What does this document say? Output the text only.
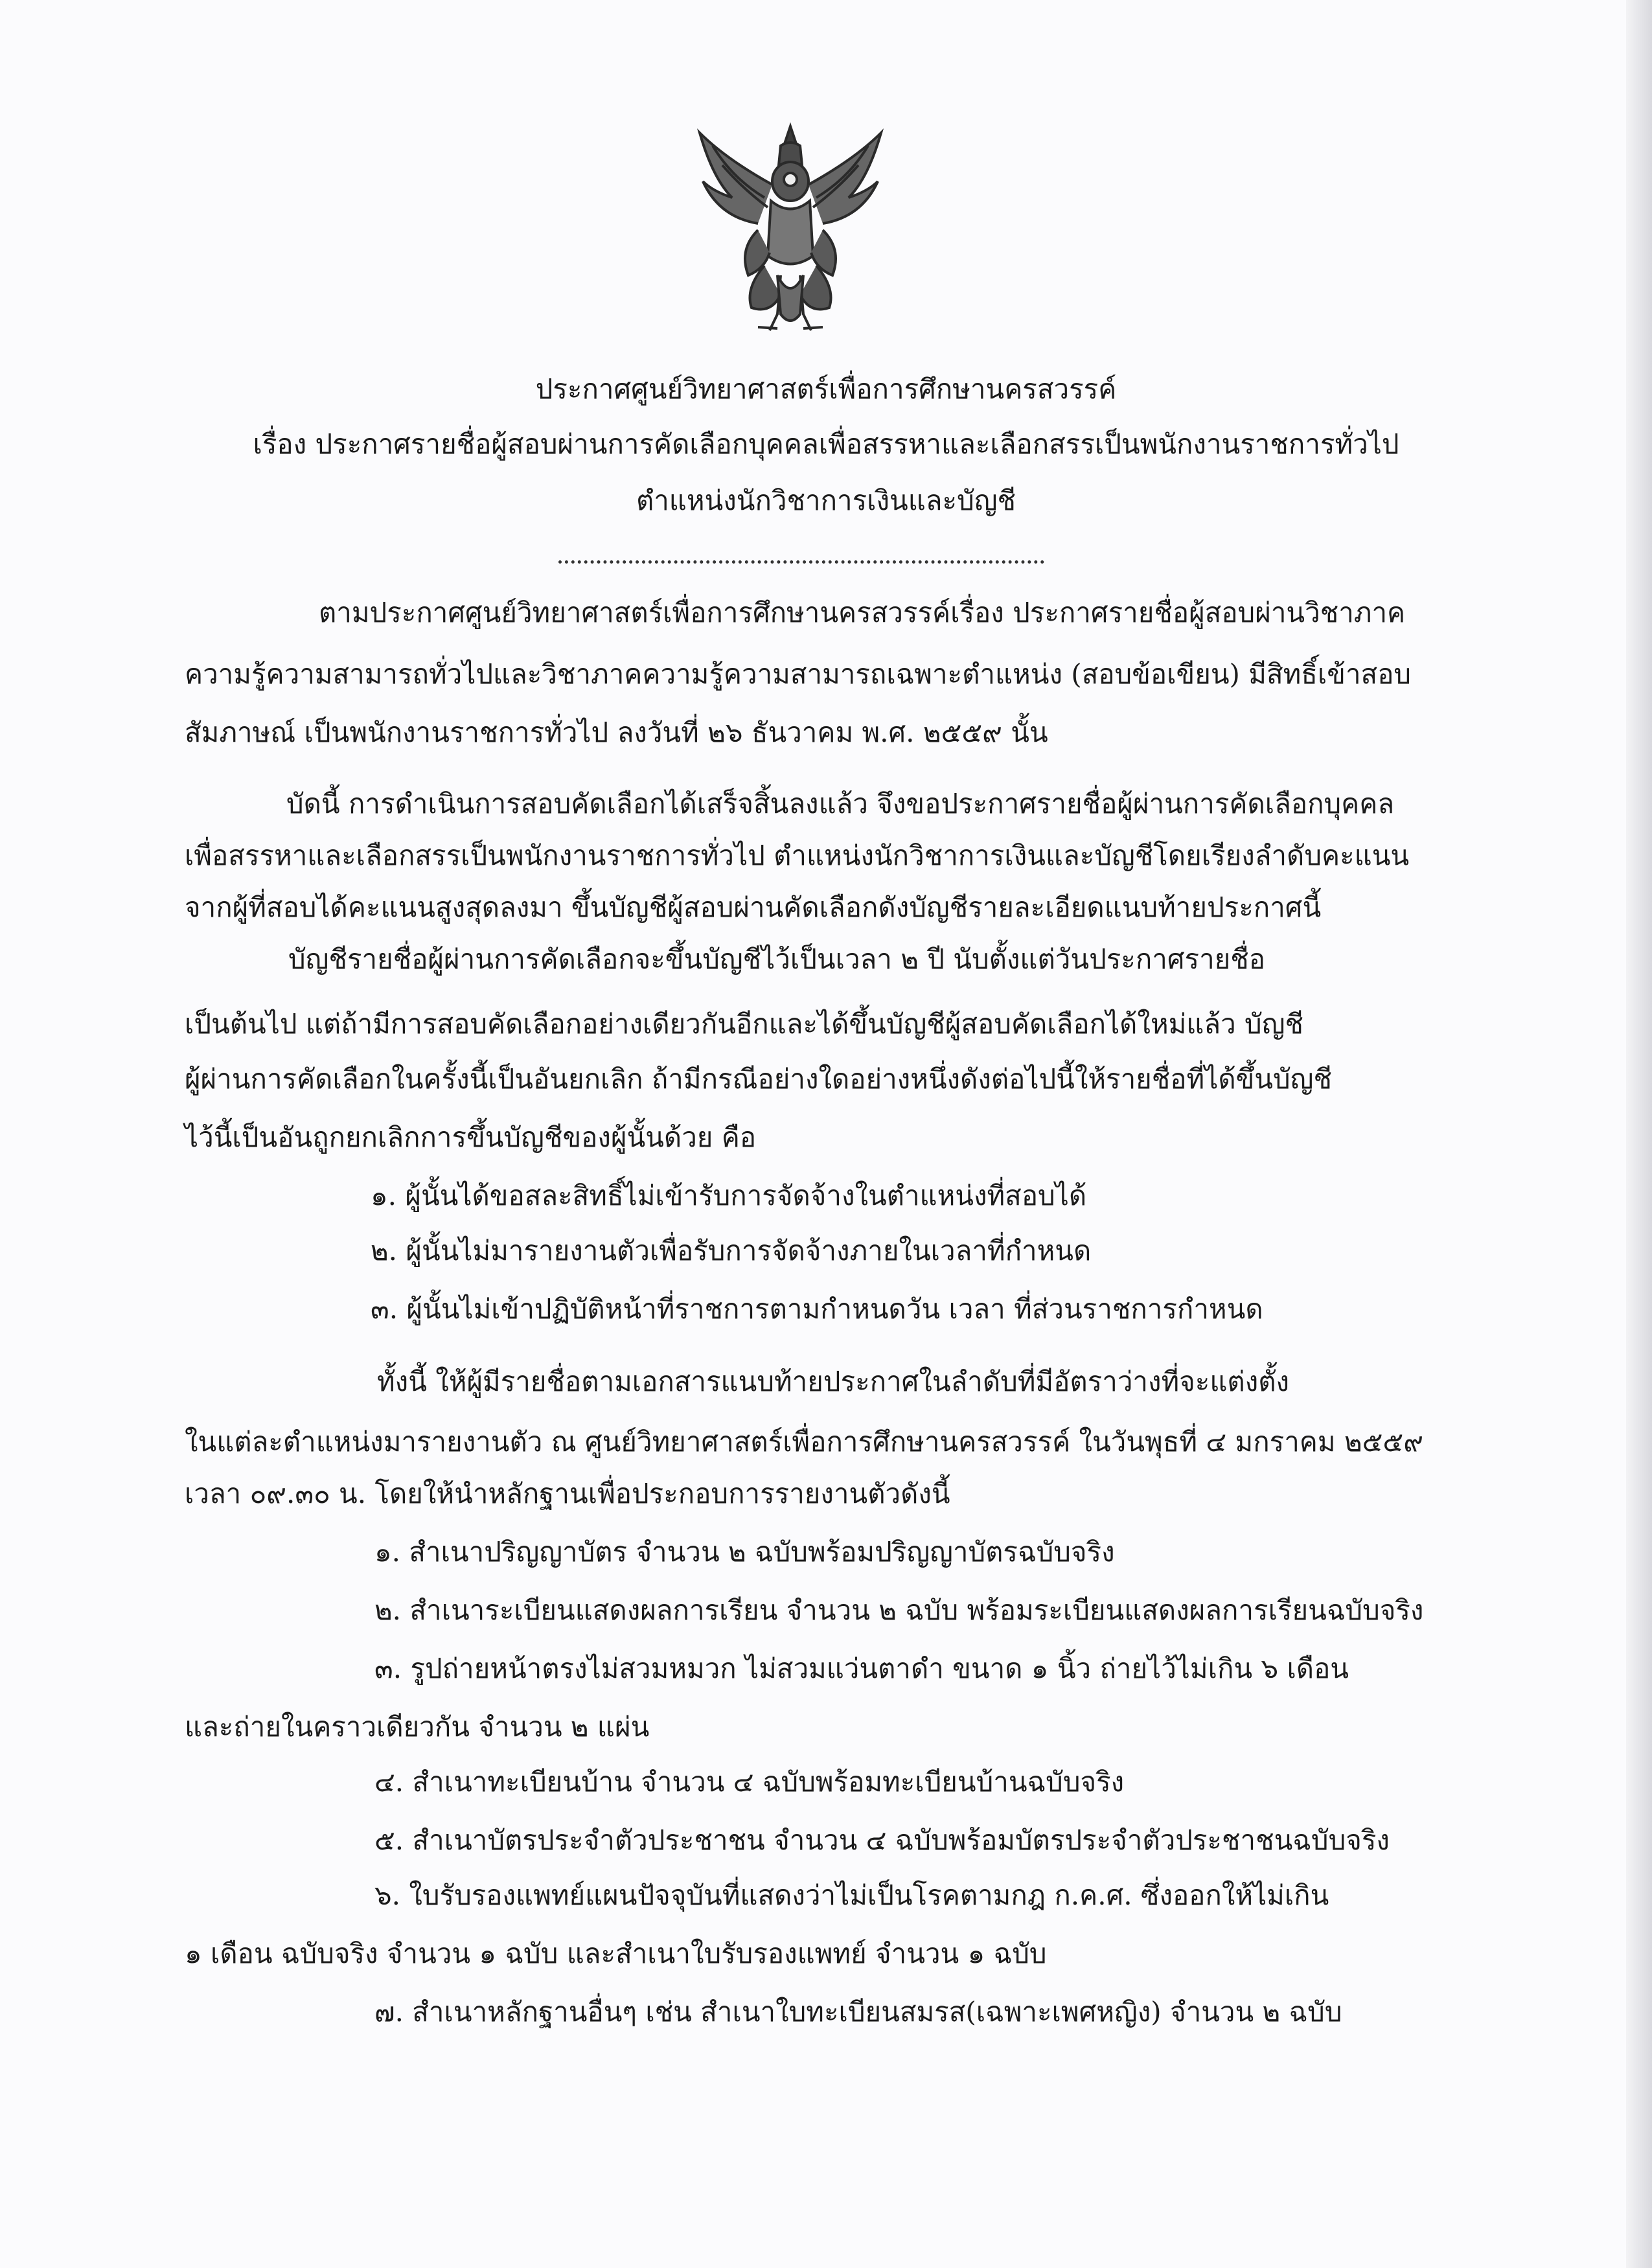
ประกาศศูนย์วิทยาศาสตร์เพื่อการศึกษานครสวรรค์
เรื่อง ประกาศรายชื่อผู้สอบผ่านการคัดเลือกบุคคลเพื่อสรรหาและเลือกสรรเป็นพนักงานราชการทั่วไป
ตำแหน่งนักวิชาการเงินและบัญชี
ตามประกาศศูนย์วิทยาศาสตร์เพื่อการศึกษานครสวรรค์เรื่อง ประกาศรายชื่อผู้สอบผ่านวิชาภาค
ความรู้ความสามารถทั่วไปและวิชาภาคความรู้ความสามารถเฉพาะตำแหน่ง (สอบข้อเขียน) มีสิทธิ์เข้าสอบ
สัมภาษณ์ เป็นพนักงานราชการทั่วไป ลงวันที่ ๒๖ ธันวาคม พ.ศ. ๒๕๕๙ นั้น
บัดนี้ การดำเนินการสอบคัดเลือกได้เสร็จสิ้นลงแล้ว จึงขอประกาศรายชื่อผู้ผ่านการคัดเลือกบุคคล
เพื่อสรรหาและเลือกสรรเป็นพนักงานราชการทั่วไป ตำแหน่งนักวิชาการเงินและบัญชีโดยเรียงลำดับคะแนน
จากผู้ที่สอบได้คะแนนสูงสุดลงมา ขึ้นบัญชีผู้สอบผ่านคัดเลือกดังบัญชีรายละเอียดแนบท้ายประกาศนี้
บัญชีรายชื่อผู้ผ่านการคัดเลือกจะขึ้นบัญชีไว้เป็นเวลา ๒ ปี นับตั้งแต่วันประกาศรายชื่อ
เป็นต้นไป แต่ถ้ามีการสอบคัดเลือกอย่างเดียวกันอีกและได้ขึ้นบัญชีผู้สอบคัดเลือกได้ใหม่แล้ว บัญชี
ผู้ผ่านการคัดเลือกในครั้งนี้เป็นอันยกเลิก ถ้ามีกรณีอย่างใดอย่างหนึ่งดังต่อไปนี้ให้รายชื่อที่ได้ขึ้นบัญชี
ไว้นี้เป็นอันถูกยกเลิกการขึ้นบัญชีของผู้นั้นด้วย คือ
๑. ผู้นั้นได้ขอสละสิทธิ์ไม่เข้ารับการจัดจ้างในตำแหน่งที่สอบได้
๒. ผู้นั้นไม่มารายงานตัวเพื่อรับการจัดจ้างภายในเวลาที่กำหนด
๓. ผู้นั้นไม่เข้าปฏิบัติหน้าที่ราชการตามกำหนดวัน เวลา ที่ส่วนราชการกำหนด
ทั้งนี้ ให้ผู้มีรายชื่อตามเอกสารแนบท้ายประกาศในลำดับที่มีอัตราว่างที่จะแต่งตั้ง
ในแต่ละตำแหน่งมารายงานตัว ณ ศูนย์วิทยาศาสตร์เพื่อการศึกษานครสวรรค์ ในวันพุธที่ ๔ มกราคม ๒๕๕๙
เวลา ๐๙.๓๐ น. โดยให้นำหลักฐานเพื่อประกอบการรายงานตัวดังนี้
๑. สำเนาปริญญาบัตร จำนวน ๒ ฉบับพร้อมปริญญาบัตรฉบับจริง
๒. สำเนาระเบียนแสดงผลการเรียน จำนวน ๒ ฉบับ พร้อมระเบียนแสดงผลการเรียนฉบับจริง
๓. รูปถ่ายหน้าตรงไม่สวมหมวก ไม่สวมแว่นตาดำ ขนาด ๑ นิ้ว ถ่ายไว้ไม่เกิน ๖ เดือน
และถ่ายในคราวเดียวกัน จำนวน ๒ แผ่น
๔. สำเนาทะเบียนบ้าน จำนวน ๔ ฉบับพร้อมทะเบียนบ้านฉบับจริง
๕. สำเนาบัตรประจำตัวประชาชน จำนวน ๔ ฉบับพร้อมบัตรประจำตัวประชาชนฉบับจริง
๖. ใบรับรองแพทย์แผนปัจจุบันที่แสดงว่าไม่เป็นโรคตามกฎ ก.ค.ศ. ซึ่งออกให้ไม่เกิน
๑ เดือน ฉบับจริง จำนวน ๑ ฉบับ และสำเนาใบรับรองแพทย์ จำนวน ๑ ฉบับ
๗. สำเนาหลักฐานอื่นๆ เช่น สำเนาใบทะเบียนสมรส(เฉพาะเพศหญิง) จำนวน ๒ ฉบับ
